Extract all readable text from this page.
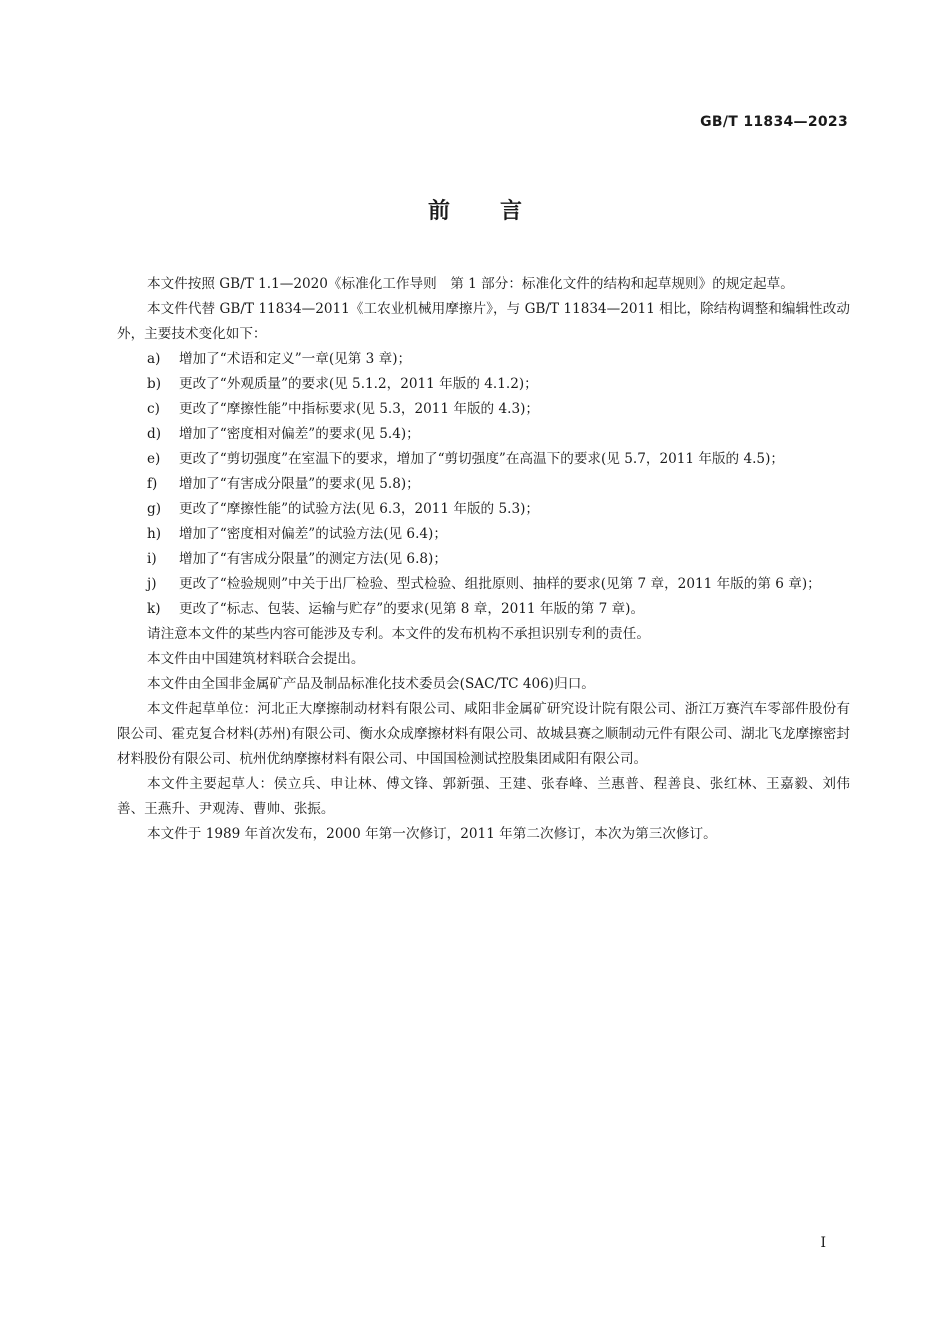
GB/T 11834—2023
前言

本文件按照 GB/T 1.1—2020《标准化工作导则　第 1 部分：标准化文件的结构和起草规则》的规定起草。

本文件代替 GB/T 11834—2011《工农业机械用摩擦片》，与 GB/T 11834—2011 相比，除结构调整和编辑性改动外，主要技术变化如下：

a) 增加了“术语和定义”一章(见第 3 章)；

b) 更改了“外观质量”的要求(见 5.1.2，2011 年版的 4.1.2)；

c) 更改了“摩擦性能”中指标要求(见 5.3，2011 年版的 4.3)；

d) 增加了“密度相对偏差”的要求(见 5.4)；

e) 更改了“剪切强度”在室温下的要求，增加了“剪切强度”在高温下的要求(见 5.7，2011 年版的 4.5)；

f) 增加了“有害成分限量”的要求(见 5.8)；

g) 更改了“摩擦性能”的试验方法(见 6.3，2011 年版的 5.3)；

h) 增加了“密度相对偏差”的试验方法(见 6.4)；

i) 增加了“有害成分限量”的测定方法(见 6.8)；

j) 更改了“检验规则”中关于出厂检验、型式检验、组批原则、抽样的要求(见第 7 章，2011 年版的第 6 章)；

k) 更改了“标志、包装、运输与贮存”的要求(见第 8 章，2011 年版的第 7 章)。

请注意本文件的某些内容可能涉及专利。本文件的发布机构不承担识别专利的责任。

本文件由中国建筑材料联合会提出。

本文件由全国非金属矿产品及制品标准化技术委员会(SAC/TC 406)归口。

本文件起草单位：河北正大摩擦制动材料有限公司、咸阳非金属矿研究设计院有限公司、浙江万赛汽车零部件股份有限公司、霍克复合材料(苏州)有限公司、衡水众成摩擦材料有限公司、故城县赛之顺制动元件有限公司、湖北飞龙摩擦密封材料股份有限公司、杭州优纳摩擦材料有限公司、中国国检测试控股集团咸阳有限公司。

本文件主要起草人：侯立兵、申让林、傅文锋、郭新强、王建、张春峰、兰惠普、程善良、张红林、王嘉毅、刘伟善、王燕升、尹观涛、曹帅、张振。

本文件于 1989 年首次发布，2000 年第一次修订，2011 年第二次修订，本次为第三次修订。

I
